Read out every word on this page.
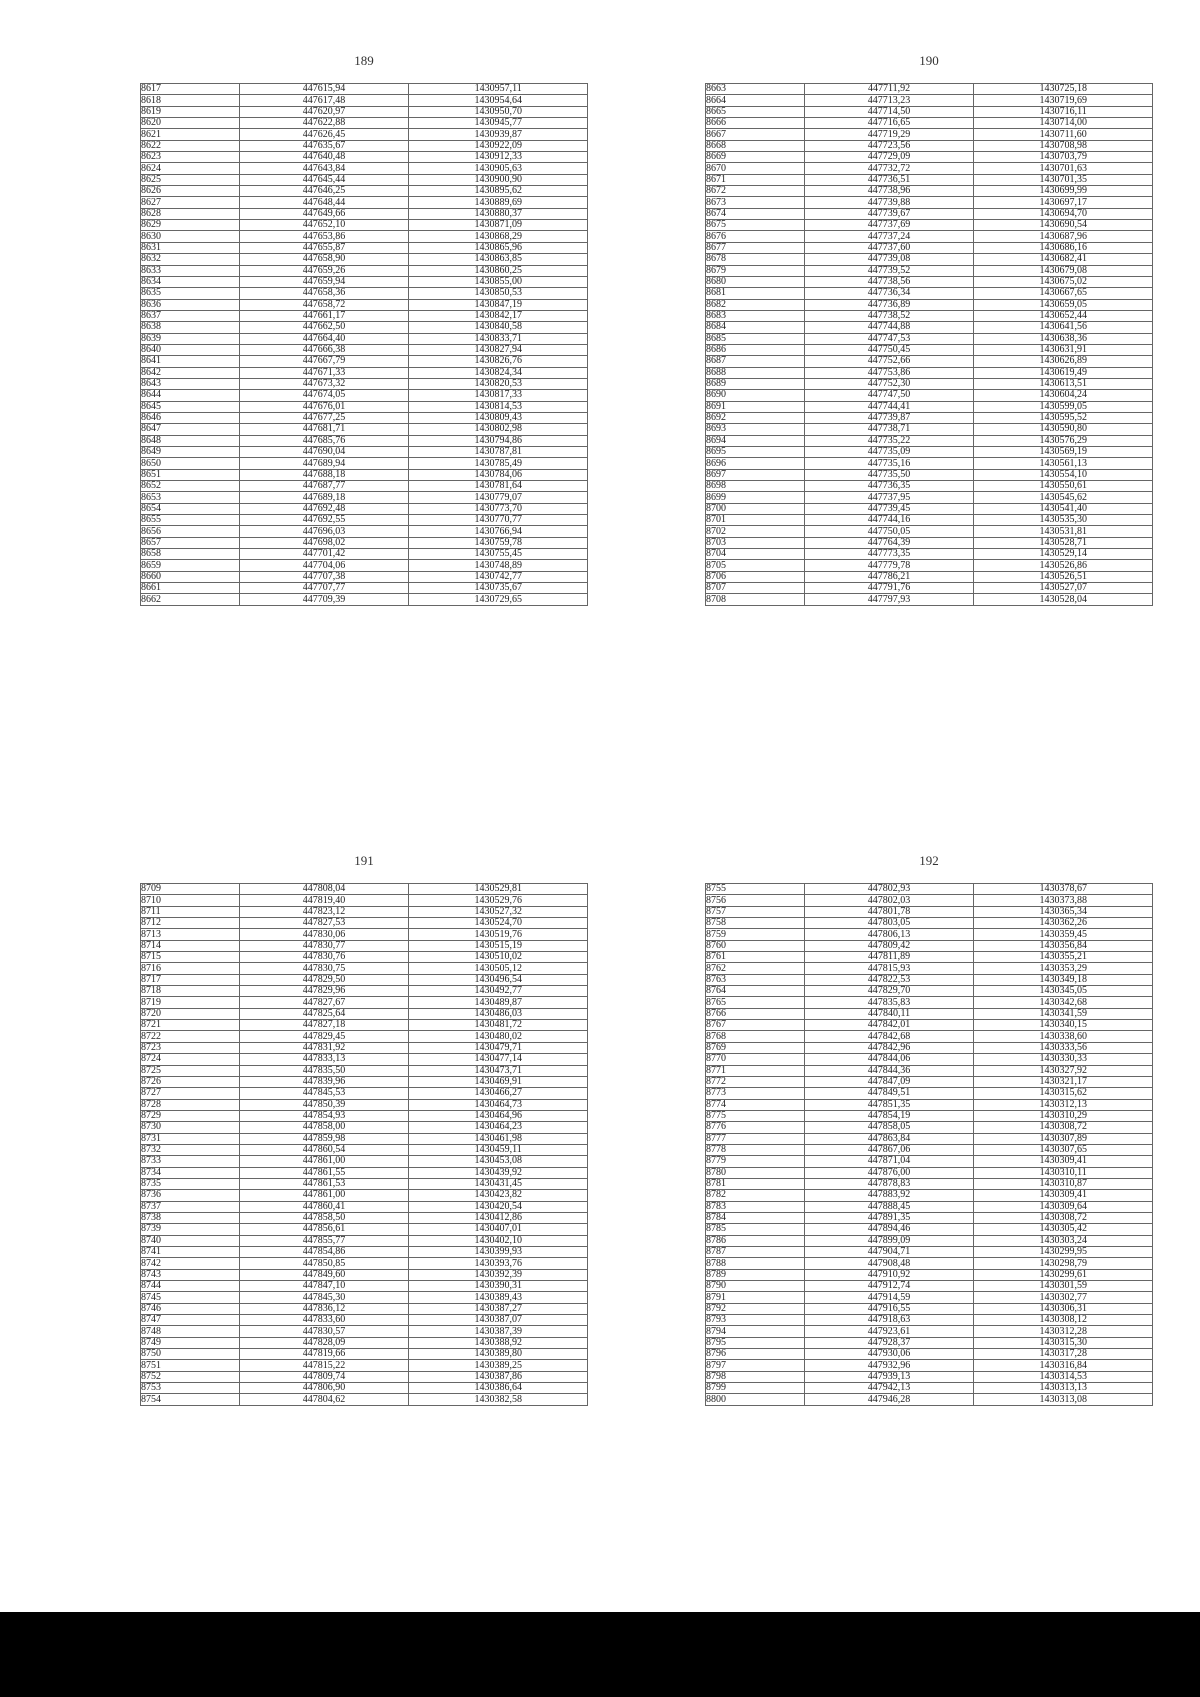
189
8617	447615,94	1430957,11
8618	447617,48	1430954,64
8619	447620,97	1430950,70
8620	447622,88	1430945,77
8621	447626,45	1430939,87
8622	447635,67	1430922,09
8623	447640,48	1430912,33
8624	447643,84	1430905,63
8625	447645,44	1430900,90
8626	447646,25	1430895,62
8627	447648,44	1430889,69
8628	447649,66	1430880,37
8629	447652,10	1430871,09
8630	447653,86	1430868,29
8631	447655,87	1430865,96
8632	447658,90	1430863,85
8633	447659,26	1430860,25
8634	447659,94	1430855,00
8635	447658,36	1430850,53
8636	447658,72	1430847,19
8637	447661,17	1430842,17
8638	447662,50	1430840,58
8639	447664,40	1430833,71
8640	447666,38	1430827,94
8641	447667,79	1430826,76
8642	447671,33	1430824,34
8643	447673,32	1430820,53
8644	447674,05	1430817,33
8645	447676,01	1430814,53
8646	447677,25	1430809,43
8647	447681,71	1430802,98
8648	447685,76	1430794,86
8649	447690,04	1430787,81
8650	447689,94	1430785,49
8651	447688,18	1430784,06
8652	447687,77	1430781,64
8653	447689,18	1430779,07
8654	447692,48	1430773,70
8655	447692,55	1430770,77
8656	447696,03	1430766,94
8657	447698,02	1430759,78
8658	447701,42	1430755,45
8659	447704,06	1430748,89
8660	447707,38	1430742,77
8661	447707,77	1430735,67
8662	447709,39	1430729,65
190
8663	447711,92	1430725,18
8664	447713,23	1430719,69
8665	447714,50	1430716,11
8666	447716,65	1430714,00
8667	447719,29	1430711,60
8668	447723,56	1430708,98
8669	447729,09	1430703,79
8670	447732,72	1430701,63
8671	447736,51	1430701,35
8672	447738,96	1430699,99
8673	447739,88	1430697,17
8674	447739,67	1430694,70
8675	447737,69	1430690,54
8676	447737,24	1430687,96
8677	447737,60	1430686,16
8678	447739,08	1430682,41
8679	447739,52	1430679,08
8680	447738,56	1430675,02
8681	447736,34	1430667,65
8682	447736,89	1430659,05
8683	447738,52	1430652,44
8684	447744,88	1430641,56
8685	447747,53	1430638,36
8686	447750,45	1430631,91
8687	447752,66	1430626,89
8688	447753,86	1430619,49
8689	447752,30	1430613,51
8690	447747,50	1430604,24
8691	447744,41	1430599,05
8692	447739,87	1430595,52
8693	447738,71	1430590,80
8694	447735,22	1430576,29
8695	447735,09	1430569,19
8696	447735,16	1430561,13
8697	447735,50	1430554,10
8698	447736,35	1430550,61
8699	447737,95	1430545,62
8700	447739,45	1430541,40
8701	447744,16	1430535,30
8702	447750,05	1430531,81
8703	447764,39	1430528,71
8704	447773,35	1430529,14
8705	447779,78	1430526,86
8706	447786,21	1430526,51
8707	447791,76	1430527,07
8708	447797,93	1430528,04
191
8709	447808,04	1430529,81
8710	447819,40	1430529,76
8711	447823,12	1430527,32
8712	447827,53	1430524,70
8713	447830,06	1430519,76
8714	447830,77	1430515,19
8715	447830,76	1430510,02
8716	447830,75	1430505,12
8717	447829,50	1430496,54
8718	447829,96	1430492,77
8719	447827,67	1430489,87
8720	447825,64	1430486,03
8721	447827,18	1430481,72
8722	447829,45	1430480,02
8723	447831,92	1430479,71
8724	447833,13	1430477,14
8725	447835,50	1430473,71
8726	447839,96	1430469,91
8727	447845,53	1430466,27
8728	447850,39	1430464,73
8729	447854,93	1430464,96
8730	447858,00	1430464,23
8731	447859,98	1430461,98
8732	447860,54	1430459,11
8733	447861,00	1430453,08
8734	447861,55	1430439,92
8735	447861,53	1430431,45
8736	447861,00	1430423,82
8737	447860,41	1430420,54
8738	447858,50	1430412,86
8739	447856,61	1430407,01
8740	447855,77	1430402,10
8741	447854,86	1430399,93
8742	447850,85	1430393,76
8743	447849,60	1430392,39
8744	447847,10	1430390,31
8745	447845,30	1430389,43
8746	447836,12	1430387,27
8747	447833,60	1430387,07
8748	447830,57	1430387,39
8749	447828,09	1430388,92
8750	447819,66	1430389,80
8751	447815,22	1430389,25
8752	447809,74	1430387,86
8753	447806,90	1430386,64
8754	447804,62	1430382,58
192
8755	447802,93	1430378,67
8756	447802,03	1430373,88
8757	447801,78	1430365,34
8758	447803,05	1430362,26
8759	447806,13	1430359,45
8760	447809,42	1430356,84
8761	447811,89	1430355,21
8762	447815,93	1430353,29
8763	447822,53	1430349,18
8764	447829,70	1430345,05
8765	447835,83	1430342,68
8766	447840,11	1430341,59
8767	447842,01	1430340,15
8768	447842,68	1430338,60
8769	447842,96	1430333,56
8770	447844,06	1430330,33
8771	447844,36	1430327,92
8772	447847,09	1430321,17
8773	447849,51	1430315,62
8774	447851,35	1430312,13
8775	447854,19	1430310,29
8776	447858,05	1430308,72
8777	447863,84	1430307,89
8778	447867,06	1430307,65
8779	447871,04	1430309,41
8780	447876,00	1430310,11
8781	447878,83	1430310,87
8782	447883,92	1430309,41
8783	447888,45	1430309,64
8784	447891,35	1430308,72
8785	447894,46	1430305,42
8786	447899,09	1430303,24
8787	447904,71	1430299,95
8788	447908,48	1430298,79
8789	447910,92	1430299,61
8790	447912,74	1430301,59
8791	447914,59	1430302,77
8792	447916,55	1430306,31
8793	447918,63	1430308,12
8794	447923,61	1430312,28
8795	447928,37	1430315,30
8796	447930,06	1430317,28
8797	447932,96	1430316,84
8798	447939,13	1430314,53
8799	447942,13	1430313,13
8800	447946,28	1430313,08
